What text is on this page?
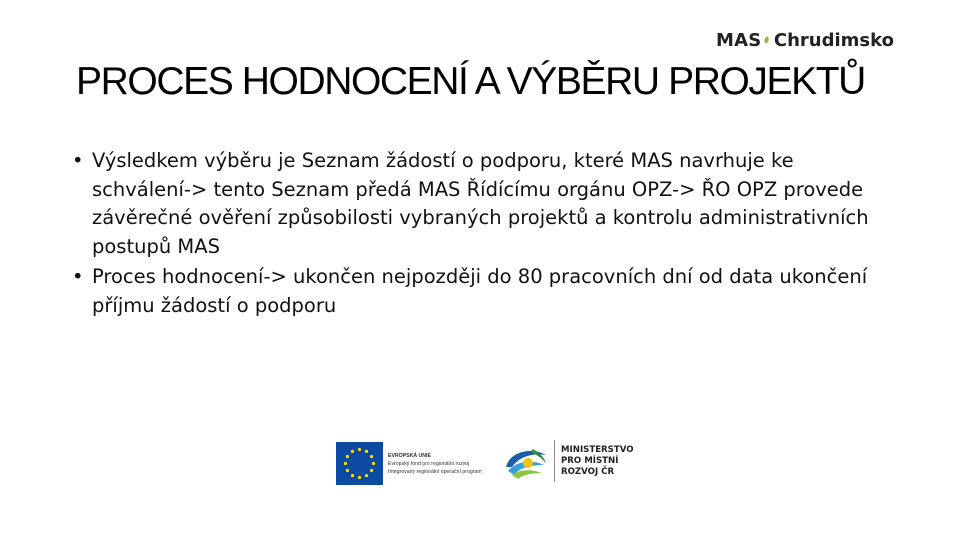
MAS Chrudimsko
PROCES HODNOCENÍ A VÝBĚRU PROJEKTŮ
• Výsledkem výběru je Seznam žádostí o podporu, které MAS navrhuje ke schválení-> tento Seznam předá MAS Řídícímu orgánu OPZ-> ŘO OPZ provede závěrečné ověření způsobilosti vybraných projektů a kontrolu administrativních postupů MAS
• Proces hodnocení-> ukončen nejpozději do 80 pracovních dní od data ukončení příjmu žádostí o podporu
EVROPSKÁ UNIE
Evropský fond pro regionální rozvoj
Integrovaný regionální operační program
MINISTERSTVO
PRO MÍSTNÍ
ROZVOJ ČR
